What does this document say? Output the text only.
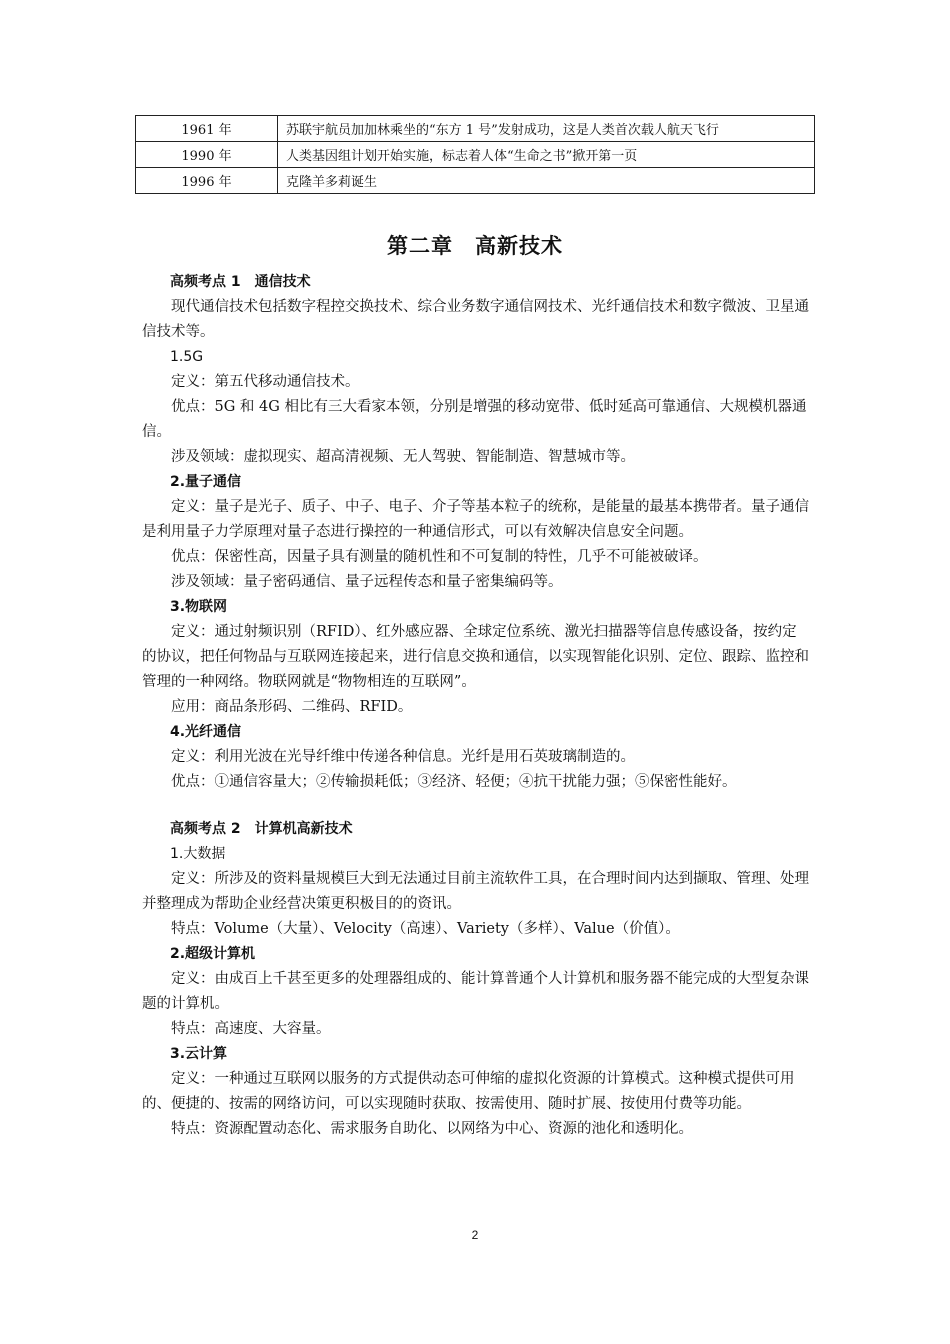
1961 年	苏联宇航员加加林乘坐的“东方 1 号”发射成功，这是人类首次载人航天飞行
1990 年	人类基因组计划开始实施，标志着人体“生命之书”掀开第一页
1996 年	克隆羊多莉诞生
第二章　高新技术

高频考点 1　通信技术

现代通信技术包括数字程控交换技术、综合业务数字通信网技术、光纤通信技术和数字微波、卫星通信技术等。

1.5G

定义：第五代移动通信技术。

优点：5G 和 4G 相比有三大看家本领，分别是增强的移动宽带、低时延高可靠通信、大规模机器通信。

涉及领域：虚拟现实、超高清视频、无人驾驶、智能制造、智慧城市等。

2.量子通信

定义：量子是光子、质子、中子、电子、介子等基本粒子的统称，是能量的最基本携带者。量子通信是利用量子力学原理对量子态进行操控的一种通信形式，可以有效解决信息安全问题。

优点：保密性高，因量子具有测量的随机性和不可复制的特性，几乎不可能被破译。

涉及领域：量子密码通信、量子远程传态和量子密集编码等。

3.物联网

定义：通过射频识别（RFID）、红外感应器、全球定位系统、激光扫描器等信息传感设备，按约定的协议，把任何物品与互联网连接起来，进行信息交换和通信，以实现智能化识别、定位、跟踪、监控和管理的一种网络。物联网就是“物物相连的互联网”。

应用：商品条形码、二维码、RFID。

4.光纤通信

定义：利用光波在光导纤维中传递各种信息。光纤是用石英玻璃制造的。

优点：①通信容量大；②传输损耗低；③经济、轻便；④抗干扰能力强；⑤保密性能好。

高频考点 2　计算机高新技术

1.大数据

定义：所涉及的资料量规模巨大到无法通过目前主流软件工具，在合理时间内达到撷取、管理、处理并整理成为帮助企业经营决策更积极目的的资讯。

特点：Volume（大量）、Velocity（高速）、Variety（多样）、Value（价值）。

2.超级计算机

定义：由成百上千甚至更多的处理器组成的、能计算普通个人计算机和服务器不能完成的大型复杂课题的计算机。

特点：高速度、大容量。

3.云计算

定义：一种通过互联网以服务的方式提供动态可伸缩的虚拟化资源的计算模式。这种模式提供可用的、便捷的、按需的网络访问，可以实现随时获取、按需使用、随时扩展、按使用付费等功能。

特点：资源配置动态化、需求服务自助化、以网络为中心、资源的池化和透明化。

2
